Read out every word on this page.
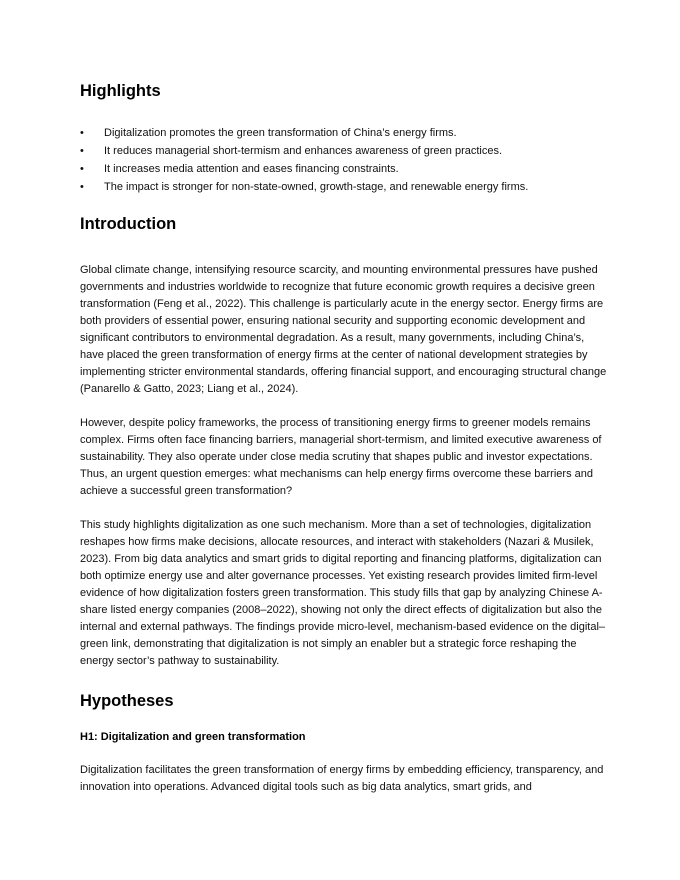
Highlights
• Digitalization promotes the green transformation of China’s energy firms.
• It reduces managerial short-termism and enhances awareness of green practices.
• It increases media attention and eases financing constraints.
• The impact is stronger for non-state-owned, growth-stage, and renewable energy firms.
Introduction

Global climate change, intensifying resource scarcity, and mounting environmental pressures have pushed governments and industries worldwide to recognize that future economic growth requires a decisive green transformation (Feng et al., 2022). This challenge is particularly acute in the energy sector. Energy firms are both providers of essential power, ensuring national security and supporting economic development and significant contributors to environmental degradation. As a result, many governments, including China’s, have placed the green transformation of energy firms at the center of national development strategies by implementing stricter environmental standards, offering financial support, and encouraging structural change (Panarello & Gatto, 2023; Liang et al., 2024).

However, despite policy frameworks, the process of transitioning energy firms to greener models remains complex. Firms often face financing barriers, managerial short-termism, and limited executive awareness of sustainability. They also operate under close media scrutiny that shapes public and investor expectations. Thus, an urgent question emerges: what mechanisms can help energy firms overcome these barriers and achieve a successful green transformation?

This study highlights digitalization as one such mechanism. More than a set of technologies, digitalization reshapes how firms make decisions, allocate resources, and interact with stakeholders (Nazari & Musilek, 2023). From big data analytics and smart grids to digital reporting and financing platforms, digitalization can both optimize energy use and alter governance processes. Yet existing research provides limited firm-level evidence of how digitalization fosters green transformation. This study fills that gap by analyzing Chinese A-share listed energy companies (2008–2022), showing not only the direct effects of digitalization but also the internal and external pathways. The findings provide micro-level, mechanism-based evidence on the digital–green link, demonstrating that digitalization is not simply an enabler but a strategic force reshaping the energy sector’s pathway to sustainability.

Hypotheses
H1: Digitalization and green transformation

Digitalization facilitates the green transformation of energy firms by embedding efficiency, transparency, and innovation into operations. Advanced digital tools such as big data analytics, smart grids, and
